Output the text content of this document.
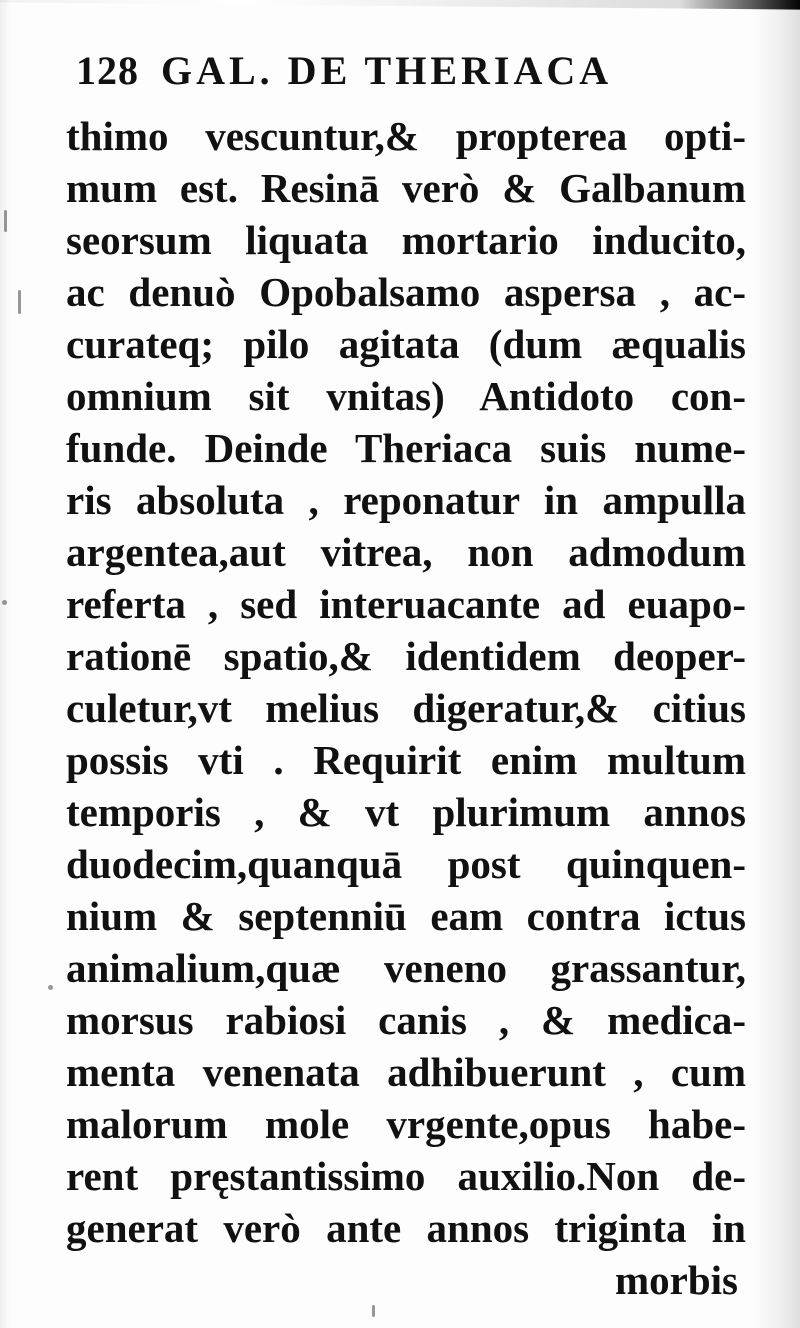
128 GAL. DE THERIACA
thimo vescuntur,& propterea opti-
mum est. Resinā verò & Galbanum
seorsum liquata mortario inducito,
ac denuò Opobalsamo aspersa , ac-
curateq; pilo agitata (dum æqualis
omnium sit vnitas) Antidoto con-
funde. Deinde Theriaca suis nume-
ris absoluta , reponatur in ampulla
argentea,aut vitrea, non admodum
referta , sed interuacante ad euapo-
rationē spatio,& identidem deoper-
culetur,vt melius digeratur,& citius
possis vti . Requirit enim multum
temporis , & vt plurimum annos
duodecim,quanquā post quinquen-
nium & septenniū eam contra ictus
animalium,quæ veneno grassantur,
morsus rabiosi canis , & medica-
menta venenata adhibuerunt , cum
malorum mole vrgente,opus habe-
rent pręstantissimo auxilio.Non de-
generat verò ante annos triginta in
morbis
